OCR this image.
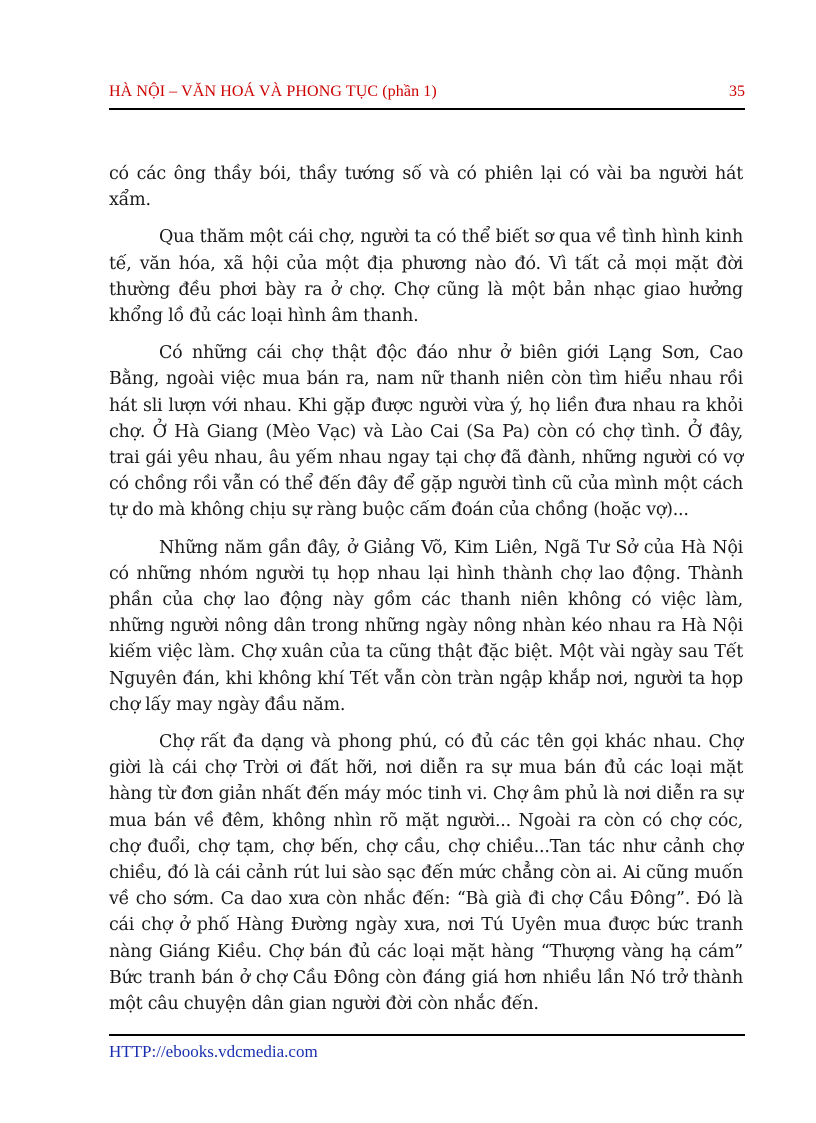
HÀ NỘI – VĂN HOÁ VÀ PHONG TỤC (phần 1)	35

có các ông thầy bói, thầy tướng số và có phiên lại có vài ba người hát xẩm.

Qua thăm một cái chợ, người ta có thể biết sơ qua về tình hình kinh tế, văn hóa, xã hội của một địa phương nào đó. Vì tất cả mọi mặt đời thường đều phơi bày ra ở chợ. Chợ cũng là một bản nhạc giao hưởng khổng lồ đủ các loại hình âm thanh.

Có những cái chợ thật độc đáo như ở biên giới Lạng Sơn, Cao Bằng, ngoài việc mua bán ra, nam nữ thanh niên còn tìm hiểu nhau rồi hát sli lượn với nhau. Khi gặp được người vừa ý, họ liền đưa nhau ra khỏi chợ. Ở Hà Giang (Mèo Vạc) và Lào Cai (Sa Pa) còn có chợ tình. Ở đây, trai gái yêu nhau, âu yếm nhau ngay tại chợ đã đành, những người có vợ có chồng rồi vẫn có thể đến đây để gặp người tình cũ của mình một cách tự do mà không chịu sự ràng buộc cấm đoán của chồng (hoặc vợ)...

Những năm gần đây, ở Giảng Võ, Kim Liên, Ngã Tư Sở của Hà Nội có những nhóm người tụ họp nhau lại hình thành chợ lao động. Thành phần của chợ lao động này gồm các thanh niên không có việc làm, những người nông dân trong những ngày nông nhàn kéo nhau ra Hà Nội kiếm việc làm. Chợ xuân của ta cũng thật đặc biệt. Một vài ngày sau Tết Nguyên đán, khi không khí Tết vẫn còn tràn ngập khắp nơi, người ta họp chợ lấy may ngày đầu năm.

Chợ rất đa dạng và phong phú, có đủ các tên gọi khác nhau. Chợ giời là cái chợ Trời ơi đất hỡi, nơi diễn ra sự mua bán đủ các loại mặt hàng từ đơn giản nhất đến máy móc tinh vi. Chợ âm phủ là nơi diễn ra sự mua bán về đêm, không nhìn rõ mặt người... Ngoài ra còn có chợ cóc, chợ đuổi, chợ tạm, chợ bến, chợ cầu, chợ chiều...Tan tác như cảnh chợ chiều, đó là cái cảnh rút lui sào sạc đến mức chẳng còn ai. Ai cũng muốn về cho sớm. Ca dao xưa còn nhắc đến: “Bà già đi chợ Cầu Đông”. Đó là cái chợ ở phố Hàng Đường ngày xưa, nơi Tú Uyên mua được bức tranh nàng Giáng Kiều. Chợ bán đủ các loại mặt hàng “Thượng vàng hạ cám” Bức tranh bán ở chợ Cầu Đông còn đáng giá hơn nhiều lần Nó trở thành một câu chuyện dân gian người đời còn nhắc đến.

HTTP://ebooks.vdcmedia.com
